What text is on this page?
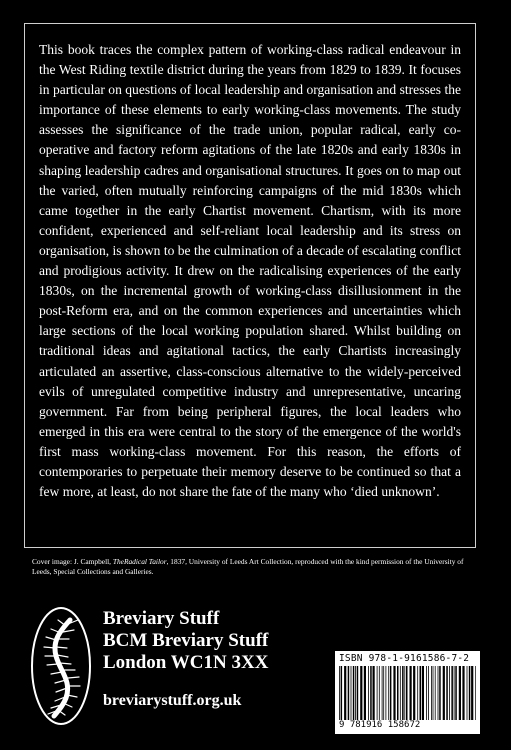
This book traces the complex pattern of working-class radical endeavour in the West Riding textile district during the years from 1829 to 1839. It focuses in particular on questions of local leadership and organisation and stresses the importance of these elements to early working-class movements. The study assesses the significance of the trade union, popular radical, early co-operative and factory reform agitations of the late 1820s and early 1830s in shaping leadership cadres and organisational structures. It goes on to map out the varied, often mutually reinforcing campaigns of the mid 1830s which came together in the early Chartist movement. Chartism, with its more confident, experienced and self-reliant local leadership and its stress on organisation, is shown to be the culmination of a decade of escalating conflict and prodigious activity. It drew on the radicalising experiences of the early 1830s, on the incremental growth of working-class disillusionment in the post-Reform era, and on the common experiences and uncertainties which large sections of the local working population shared. Whilst building on traditional ideas and agitational tactics, the early Chartists increasingly articulated an assertive, class-conscious alternative to the widely-perceived evils of unregulated competitive industry and unrepresentative, uncaring government. Far from being peripheral figures, the local leaders who emerged in this era were central to the story of the emergence of the world's first mass working-class movement. For this reason, the efforts of contemporaries to perpetuate their memory deserve to be continued so that a few more, at least, do not share the fate of the many who ‘died unknown’.

Cover image: J. Campbell, TheRadical Tailor, 1837, University of Leeds Art Collection, reproduced with the kind permission of the University of Leeds, Special Collections and Galleries.
Breviary Stuff
BCM Breviary Stuff
London WC1N 3XX
breviarystuff.org.uk
ISBN 978-1-9161586-7-2 90000
9 781916 158672
